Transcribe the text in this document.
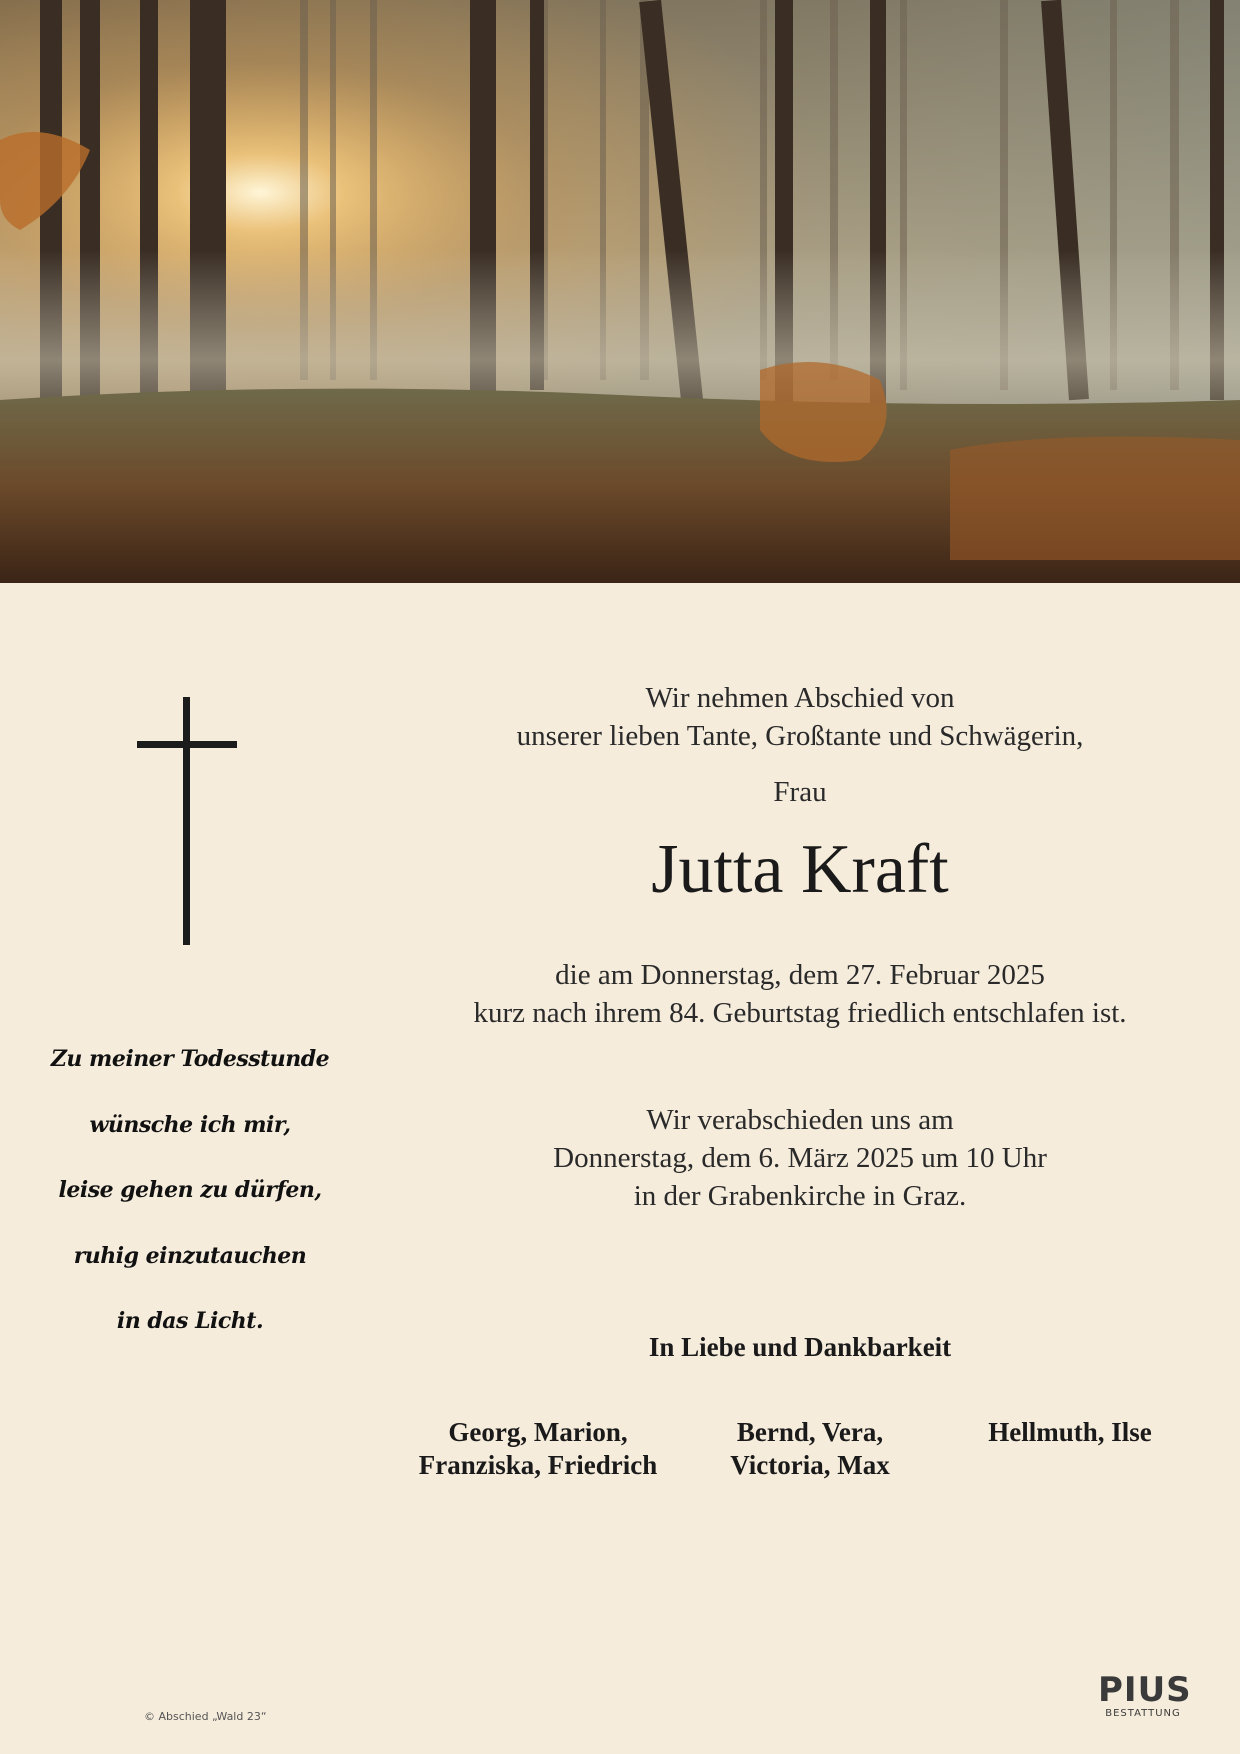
Zu meiner Todesstunde
wünsche ich mir,
leise gehen zu dürfen,
ruhig einzutauchen
in das Licht.
Wir nehmen Abschied von
unserer lieben Tante, Großtante und Schwägerin,
Frau
Jutta Kraft
die am Donnerstag, dem 27. Februar 2025
kurz nach ihrem 84. Geburtstag friedlich entschlafen ist.
Wir verabschieden uns am
Donnerstag, dem 6. März 2025 um 10 Uhr
in der Grabenkirche in Graz.
In Liebe und Dankbarkeit
Georg, Marion,
Franziska, Friedrich
Bernd, Vera,
Victoria, Max
Hellmuth, Ilse
© Abschied „Wald 23“
PIUS
BESTATTUNG
